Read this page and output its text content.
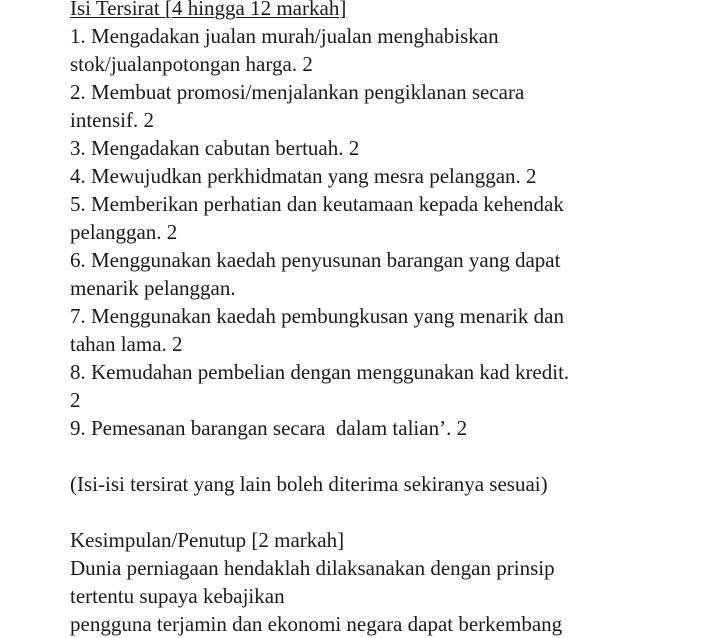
Isi Tersirat [4 hingga 12 markah]
1. Mengadakan jualan murah/jualan menghabiskan
stok/jualanpotongan harga. 2
2. Membuat promosi/menjalankan pengiklanan secara
intensif. 2
3. Mengadakan cabutan bertuah. 2
4. Mewujudkan perkhidmatan yang mesra pelanggan. 2
5. Memberikan perhatian dan keutamaan kepada kehendak
pelanggan. 2
6. Menggunakan kaedah penyusunan barangan yang dapat
menarik pelanggan.
7. Menggunakan kaedah pembungkusan yang menarik dan
tahan lama. 2
8. Kemudahan pembelian dengan menggunakan kad kredit.
2
9. Pemesanan barangan secara  dalam talian’. 2
(Isi-isi tersirat yang lain boleh diterima sekiranya sesuai)
Kesimpulan/Penutup [2 markah]
Dunia perniagaan hendaklah dilaksanakan dengan prinsip
tertentu supaya kebajikan
pengguna terjamin dan ekonomi negara dapat berkembang
